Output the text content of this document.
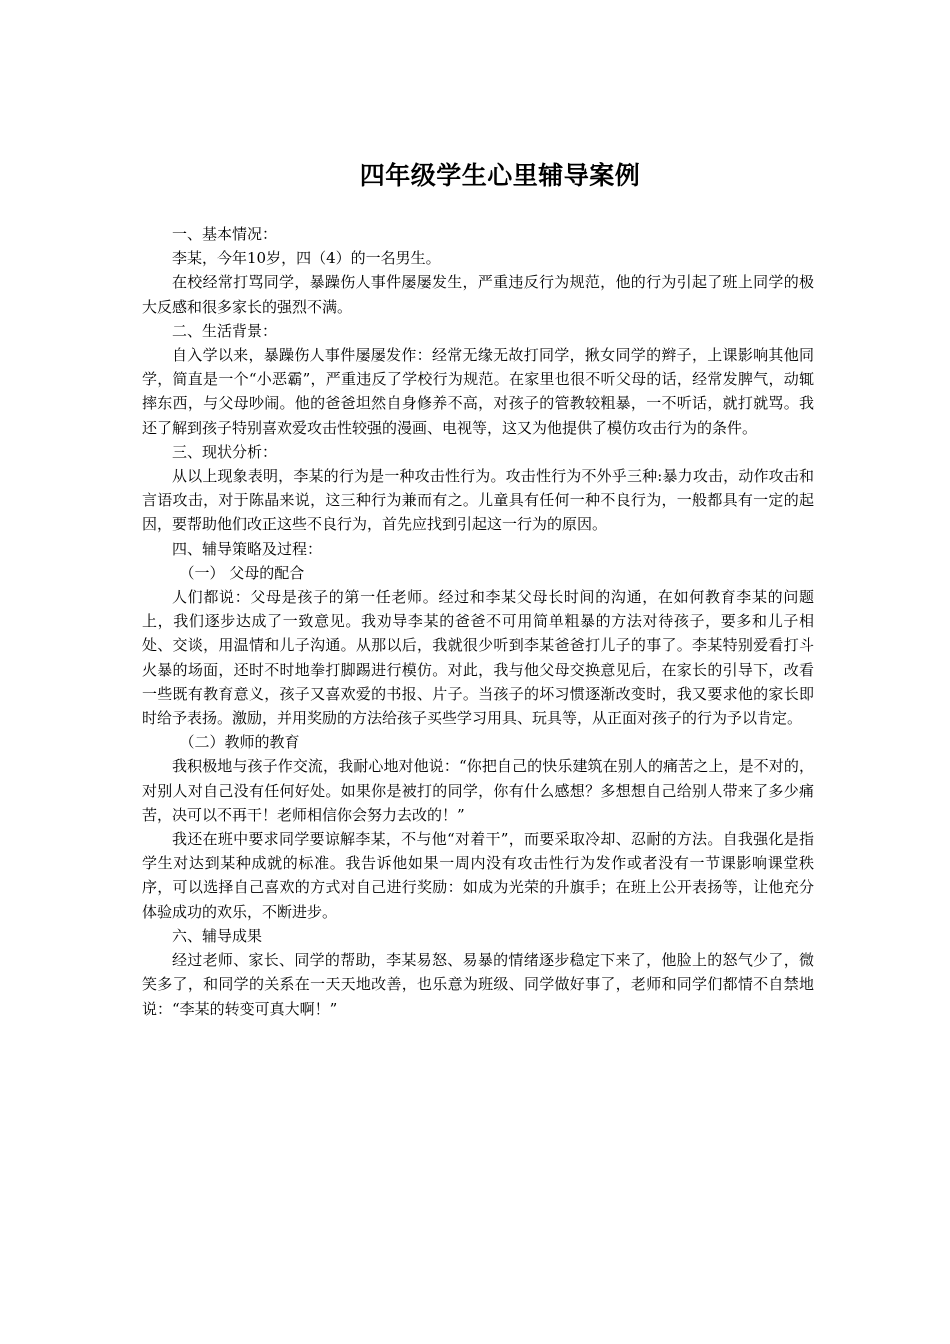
四年级学生心里辅导案例

一、基本情况：

李某，今年10岁，四（4）的一名男生。

在校经常打骂同学，暴躁伤人事件屡屡发生，严重违反行为规范，他的行为引起了班上同学的极大反感和很多家长的强烈不满。

二、生活背景：

自入学以来，暴躁伤人事件屡屡发作：经常无缘无故打同学，揪女同学的辫子，上课影响其他同学，简直是一个“小恶霸”，严重违反了学校行为规范。在家里也很不听父母的话，经常发脾气，动辄摔东西，与父母吵闹。他的爸爸坦然自身修养不高，对孩子的管教较粗暴，一不听话，就打就骂。我还了解到孩子特别喜欢爱攻击性较强的漫画、电视等，这又为他提供了模仿攻击行为的条件。

三、现状分析：

从以上现象表明，李某的行为是一种攻击性行为。攻击性行为不外乎三种:暴力攻击，动作攻击和言语攻击，对于陈晶来说，这三种行为兼而有之。儿童具有任何一种不良行为，一般都具有一定的起因，要帮助他们改正这些不良行为，首先应找到引起这一行为的原因。

四、辅导策略及过程：

（一） 父母的配合

人们都说：父母是孩子的第一任老师。经过和李某父母长时间的沟通，在如何教育李某的问题上，我们逐步达成了一致意见。我劝导李某的爸爸不可用简单粗暴的方法对待孩子，要多和儿子相处、交谈，用温情和儿子沟通。从那以后，我就很少听到李某爸爸打儿子的事了。李某特别爱看打斗火暴的场面，还时不时地拳打脚踢进行模仿。对此，我与他父母交换意见后，在家长的引导下，改看一些既有教育意义，孩子又喜欢爱的书报、片子。当孩子的坏习惯逐渐改变时，我又要求他的家长即时给予表扬。激励，并用奖励的方法给孩子买些学习用具、玩具等，从正面对孩子的行为予以肯定。

（二）教师的教育

我积极地与孩子作交流，我耐心地对他说：“你把自己的快乐建筑在别人的痛苦之上，是不对的，对别人对自己没有任何好处。如果你是被打的同学，你有什么感想？多想想自己给别人带来了多少痛苦，决可以不再干！老师相信你会努力去改的！”

我还在班中要求同学要谅解李某，不与他“对着干”，而要采取冷却、忍耐的方法。自我强化是指学生对达到某种成就的标准。我告诉他如果一周内没有攻击性行为发作或者没有一节课影响课堂秩序，可以选择自己喜欢的方式对自己进行奖励：如成为光荣的升旗手；在班上公开表扬等，让他充分体验成功的欢乐，不断进步。

六、辅导成果

经过老师、家长、同学的帮助，李某易怒、易暴的情绪逐步稳定下来了，他脸上的怒气少了，微笑多了，和同学的关系在一天天地改善，也乐意为班级、同学做好事了，老师和同学们都情不自禁地说：“李某的转变可真大啊！”
